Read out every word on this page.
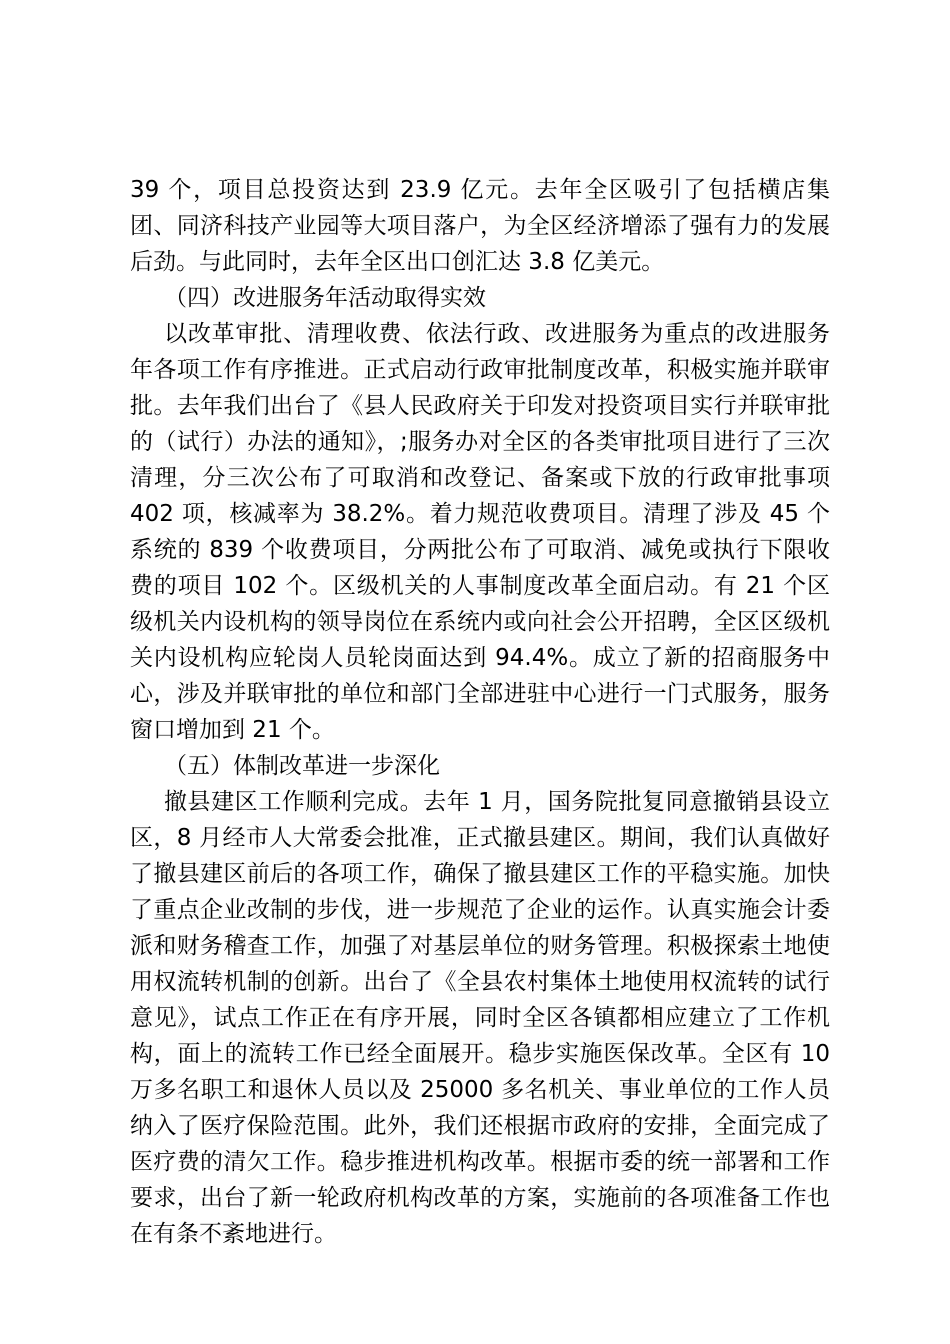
39 个，项目总投资达到 23.9 亿元。去年全区吸引了包括横店集团、同济科技产业园等大项目落户，为全区经济增添了强有力的发展后劲。与此同时，去年全区出口创汇达 3.8 亿美元。

（四）改进服务年活动取得实效

以改革审批、清理收费、依法行政、改进服务为重点的改进服务年各项工作有序推进。正式启动行政审批制度改革，积极实施并联审批。去年我们出台了《县人民政府关于印发对投资项目实行并联审批的（试行）办法的通知》，;服务办对全区的各类审批项目进行了三次清理，分三次公布了可取消和改登记、备案或下放的行政审批事项 402 项，核减率为 38.2%。着力规范收费项目。清理了涉及 45 个系统的 839 个收费项目，分两批公布了可取消、减免或执行下限收费的项目 102 个。区级机关的人事制度改革全面启动。有 21 个区级机关内设机构的领导岗位在系统内或向社会公开招聘，全区区级机关内设机构应轮岗人员轮岗面达到 94.4%。成立了新的招商服务中心，涉及并联审批的单位和部门全部进驻中心进行一门式服务，服务窗口增加到 21 个。

（五）体制改革进一步深化

撤县建区工作顺利完成。去年 1 月，国务院批复同意撤销县设立区，8 月经市人大常委会批准，正式撤县建区。期间，我们认真做好了撤县建区前后的各项工作，确保了撤县建区工作的平稳实施。加快了重点企业改制的步伐，进一步规范了企业的运作。认真实施会计委派和财务稽查工作，加强了对基层单位的财务管理。积极探索土地使用权流转机制的创新。出台了《全县农村集体土地使用权流转的试行意见》，试点工作正在有序开展，同时全区各镇都相应建立了工作机构，面上的流转工作已经全面展开。稳步实施医保改革。全区有 10 万多名职工和退休人员以及 25000 多名机关、事业单位的工作人员纳入了医疗保险范围。此外，我们还根据市政府的安排，全面完成了医疗费的清欠工作。稳步推进机构改革。根据市委的统一部署和工作要求，出台了新一轮政府机构改革的方案，实施前的各项准备工作也在有条不紊地进行。
